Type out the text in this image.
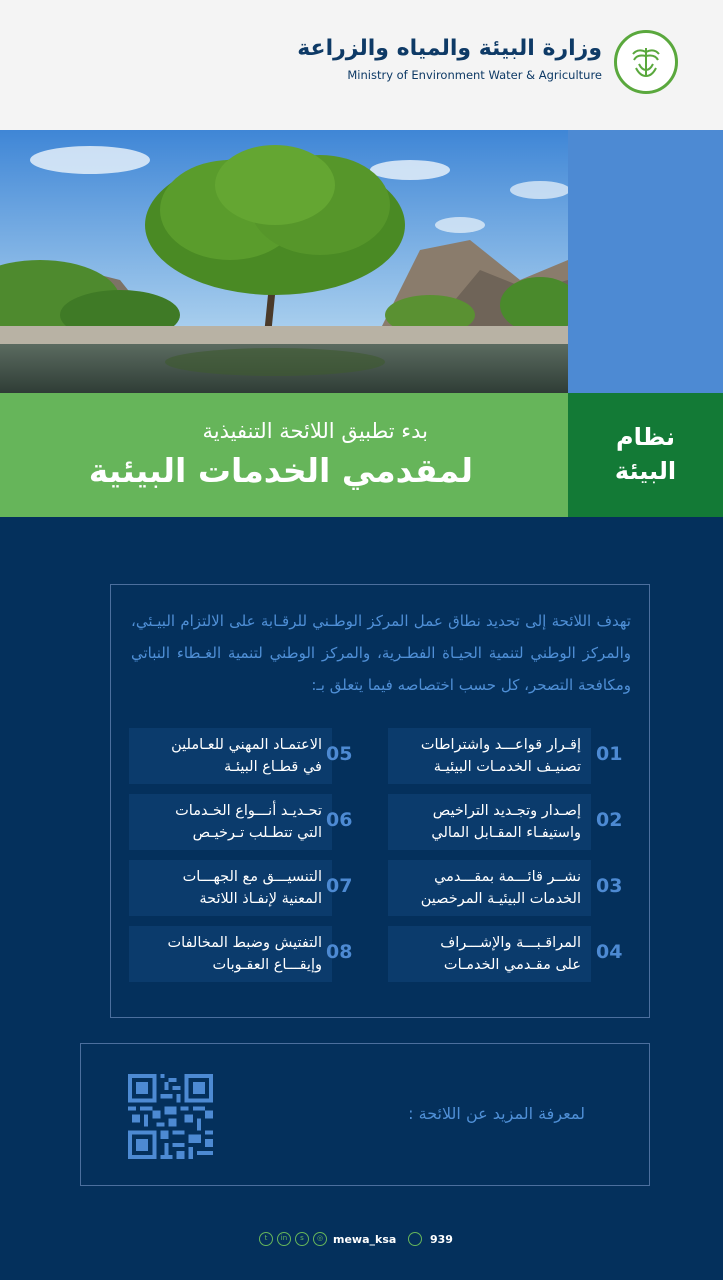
وزارة البيئة والمياه والزراعة
Ministry of Environment Water & Agriculture
بدء تطبيق اللائحة التنفيذية
لمقدمي الخدمات البيئية
نظام
البيئة
تهدف اللائحة إلى تحديد نطاق عمل المركز الوطـني للرقـابة على الالتزام البيـئي، والمركز الوطني لتنمية الحيـاة الفطـرية، والمركز الوطني لتنمية الغـطاء النباتي ومكافحة التصحر، كل حسب اختصاصه فيما يتعلق بـ:
إقـرار قواعـــد واشتراطات
تصنيـف الخدمـات البيئيـة
01
إصـدار وتجـديد التراخيص
واستيفـاء المقـابل المالي
02
نشــر قائـــمة بمقـــدمي
الخدمات البيئيـة المرخصين
03
المراقـبـــة والإشـــراف
على مقـدمي الخدمـات
04
الاعتمـاد المهني للعـاملين
في قطـاع البيئـة
05
تحـديـد أنـــواع الخـدمات
التي تتطـلب تـرخيـص
06
التنسيـــق مع الجهـــات
المعنية لإنفـاذ اللائحة
07
التفتيش وضبط المخالفات
وإيقـــاع العقـوبات
08
لمعرفة المزيد عن اللائحة :
t	in	s	◎ mewa_ksa	939
